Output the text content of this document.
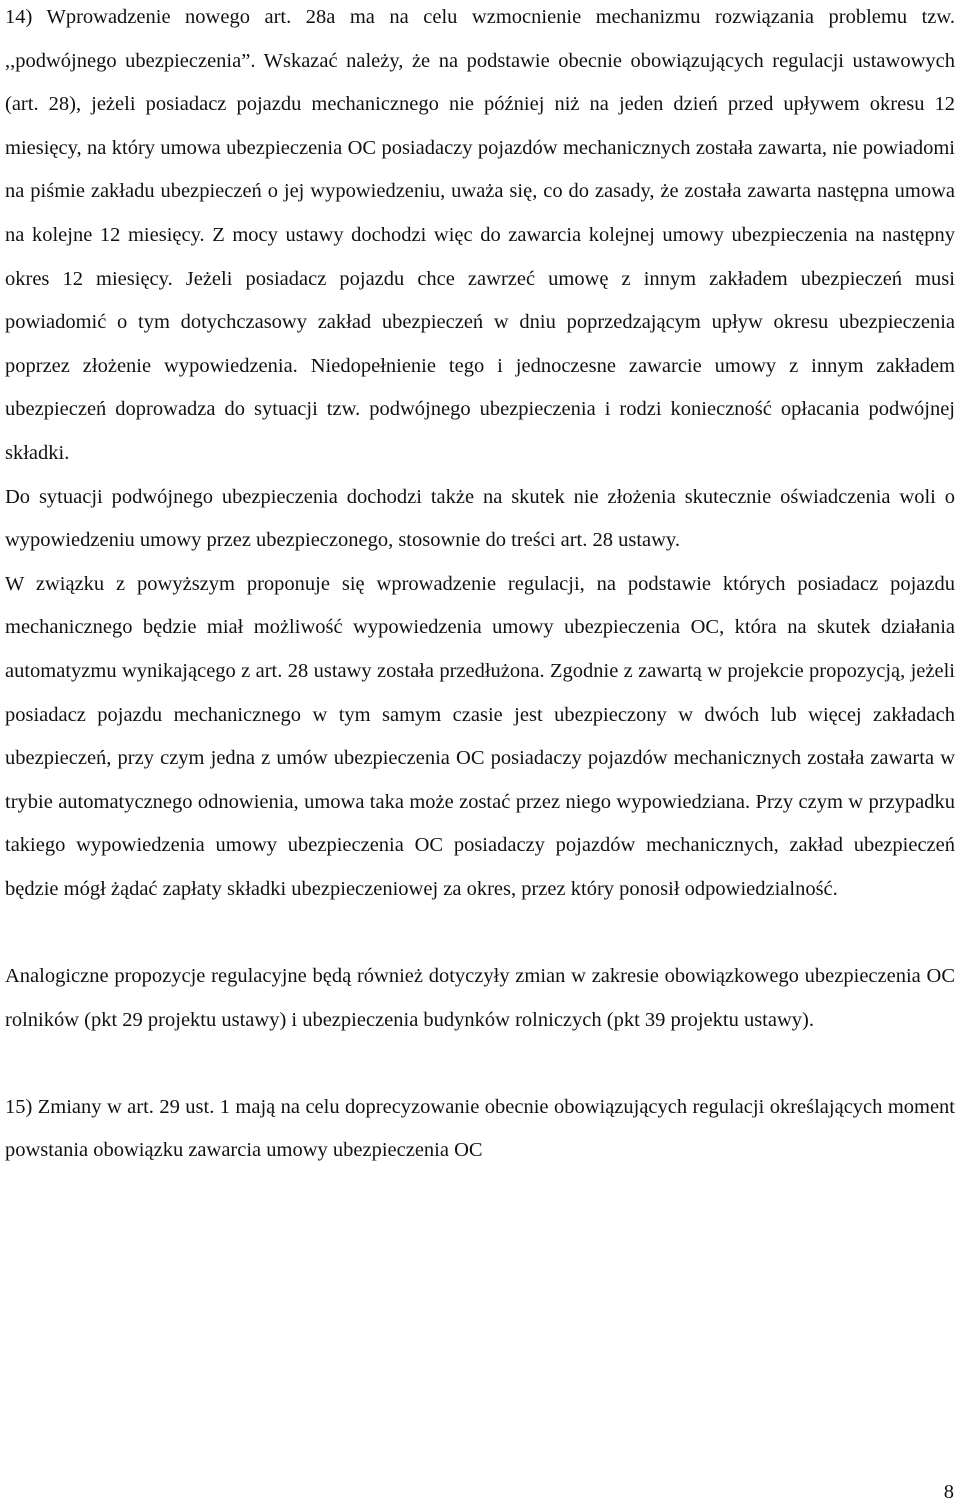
14) Wprowadzenie nowego art. 28a ma na celu wzmocnienie mechanizmu rozwiązania problemu tzw. ,,podwójnego ubezpieczenia”. Wskazać należy, że na podstawie obecnie obowiązujących regulacji ustawowych (art. 28), jeżeli posiadacz pojazdu mechanicznego nie później niż na jeden dzień przed upływem okresu 12 miesięcy, na który umowa ubezpieczenia OC posiadaczy pojazdów mechanicznych została zawarta, nie powiadomi na piśmie zakładu ubezpieczeń o jej wypowiedzeniu, uważa się, co do zasady, że została zawarta następna umowa na kolejne 12 miesięcy. Z mocy ustawy dochodzi więc do zawarcia kolejnej umowy ubezpieczenia na następny okres 12 miesięcy. Jeżeli posiadacz pojazdu chce zawrzeć umowę z innym zakładem ubezpieczeń musi powiadomić o tym dotychczasowy zakład ubezpieczeń w dniu poprzedzającym upływ okresu ubezpieczenia poprzez złożenie wypowiedzenia. Niedopełnienie tego i jednoczesne zawarcie umowy z innym zakładem ubezpieczeń doprowadza do sytuacji tzw. podwójnego ubezpieczenia i rodzi konieczność opłacania podwójnej składki.

Do sytuacji podwójnego ubezpieczenia dochodzi także na skutek nie złożenia skutecznie oświadczenia woli o wypowiedzeniu umowy przez ubezpieczonego, stosownie do treści art. 28 ustawy.

W związku z powyższym proponuje się wprowadzenie regulacji, na podstawie których posiadacz pojazdu mechanicznego będzie miał możliwość wypowiedzenia umowy ubezpieczenia OC, która na skutek działania automatyzmu wynikającego z art. 28 ustawy została przedłużona. Zgodnie z zawartą w projekcie propozycją, jeżeli posiadacz pojazdu mechanicznego w tym samym czasie jest ubezpieczony w dwóch lub więcej zakładach ubezpieczeń, przy czym jedna z umów ubezpieczenia OC posiadaczy pojazdów mechanicznych została zawarta w trybie automatycznego odnowienia, umowa taka może zostać przez niego wypowiedziana. Przy czym w przypadku takiego wypowiedzenia umowy ubezpieczenia OC posiadaczy pojazdów mechanicznych, zakład ubezpieczeń będzie mógł żądać zapłaty składki ubezpieczeniowej za okres, przez który ponosił odpowiedzialność.

Analogiczne propozycje regulacyjne będą również dotyczyły zmian w zakresie obowiązkowego ubezpieczenia OC rolników (pkt 29 projektu ustawy) i ubezpieczenia budynków rolniczych (pkt 39 projektu ustawy).

15) Zmiany w art. 29 ust. 1 mają na celu doprecyzowanie obecnie obowiązujących regulacji określających moment powstania obowiązku zawarcia umowy ubezpieczenia OC

8
